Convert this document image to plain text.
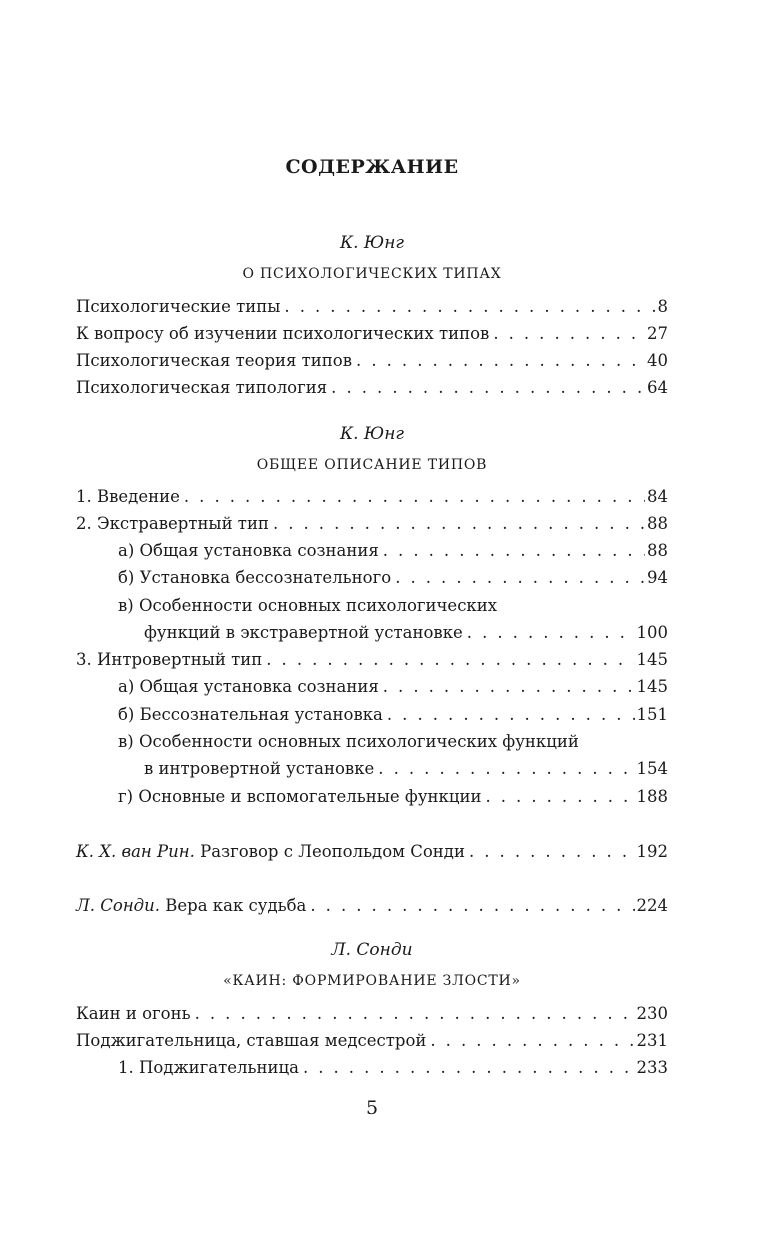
СОДЕРЖАНИЕ
К. Юнг
О ПСИХОЛОГИЧЕСКИХ ТИПАХ
Психологические типы . . .	8
К вопросу об изучении психологических типов . . .	27
Психологическая теория типов . . .	40
Психологическая типология . . .	64
К. Юнг
ОБЩЕЕ ОПИСАНИЕ ТИПОВ
1. Введение . . .	84
2. Экстравертный тип . . .	88
а) Общая установка сознания . . .	88
б) Установка бессознательного . . .	94
в) Особенности основных психологических
функций в экстравертной установке . . .	100
3. Интровертный тип . . .	145
а) Общая установка сознания . . .	145
б) Бессознательная установка . . .	151
в) Особенности основных психологических функций
в интровертной установке . . .	154
г) Основные и вспомогательные функции . . .	188
К. Х. ван Рин. Разговор с Леопольдом Сонди . . .	192
Л. Сонди. Вера как судьба . . .	224
Л. Сонди
«КАИН: ФОРМИРОВАНИЕ ЗЛОСТИ»
Каин и огонь . . .	230
Поджигательница, ставшая медсестрой . . .	231
1. Поджигательница . . .	233
5
